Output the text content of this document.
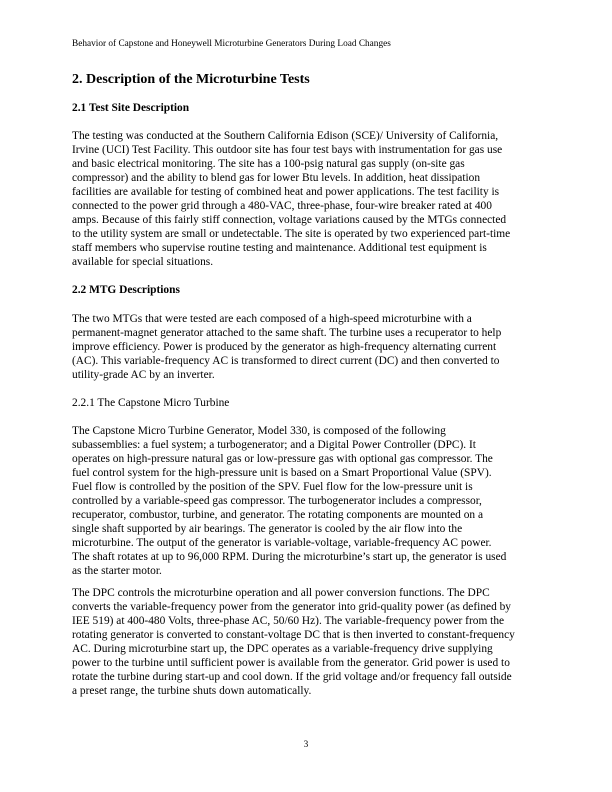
Behavior of Capstone and Honeywell Microturbine Generators During Load Changes
2. Description of the Microturbine Tests
2.1 Test Site Description
The testing was conducted at the Southern California Edison (SCE)/ University of California,
Irvine (UCI) Test Facility. This outdoor site has four test bays with instrumentation for gas use
and basic electrical monitoring. The site has a 100-psig natural gas supply (on-site gas
compressor) and the ability to blend gas for lower Btu levels. In addition, heat dissipation
facilities are available for testing of combined heat and power applications. The test facility is
connected to the power grid through a 480-VAC, three-phase, four-wire breaker rated at 400
amps. Because of this fairly stiff connection, voltage variations caused by the MTGs connected
to the utility system are small or undetectable. The site is operated by two experienced part-time
staff members who supervise routine testing and maintenance. Additional test equipment is
available for special situations.
2.2 MTG Descriptions
The two MTGs that were tested are each composed of a high-speed microturbine with a
permanent-magnet generator attached to the same shaft. The turbine uses a recuperator to help
improve efficiency. Power is produced by the generator as high-frequency alternating current
(AC). This variable-frequency AC is transformed to direct current (DC) and then converted to
utility-grade AC by an inverter.
2.2.1 The Capstone Micro Turbine
The Capstone Micro Turbine Generator, Model 330, is composed of the following
subassemblies: a fuel system; a turbogenerator; and a Digital Power Controller (DPC). It
operates on high-pressure natural gas or low-pressure gas with optional gas compressor. The
fuel control system for the high-pressure unit is based on a Smart Proportional Value (SPV).
Fuel flow is controlled by the position of the SPV. Fuel flow for the low-pressure unit is
controlled by a variable-speed gas compressor. The turbogenerator includes a compressor,
recuperator, combustor, turbine, and generator. The rotating components are mounted on a
single shaft supported by air bearings. The generator is cooled by the air flow into the
microturbine. The output of the generator is variable-voltage, variable-frequency AC power.
The shaft rotates at up to 96,000 RPM. During the microturbine’s start up, the generator is used
as the starter motor.
The DPC controls the microturbine operation and all power conversion functions. The DPC
converts the variable-frequency power from the generator into grid-quality power (as defined by
IEE 519) at 400-480 Volts, three-phase AC, 50/60 Hz). The variable-frequency power from the
rotating generator is converted to constant-voltage DC that is then inverted to constant-frequency
AC. During microturbine start up, the DPC operates as a variable-frequency drive supplying
power to the turbine until sufficient power is available from the generator. Grid power is used to
rotate the turbine during start-up and cool down. If the grid voltage and/or frequency fall outside
a preset range, the turbine shuts down automatically.
3
